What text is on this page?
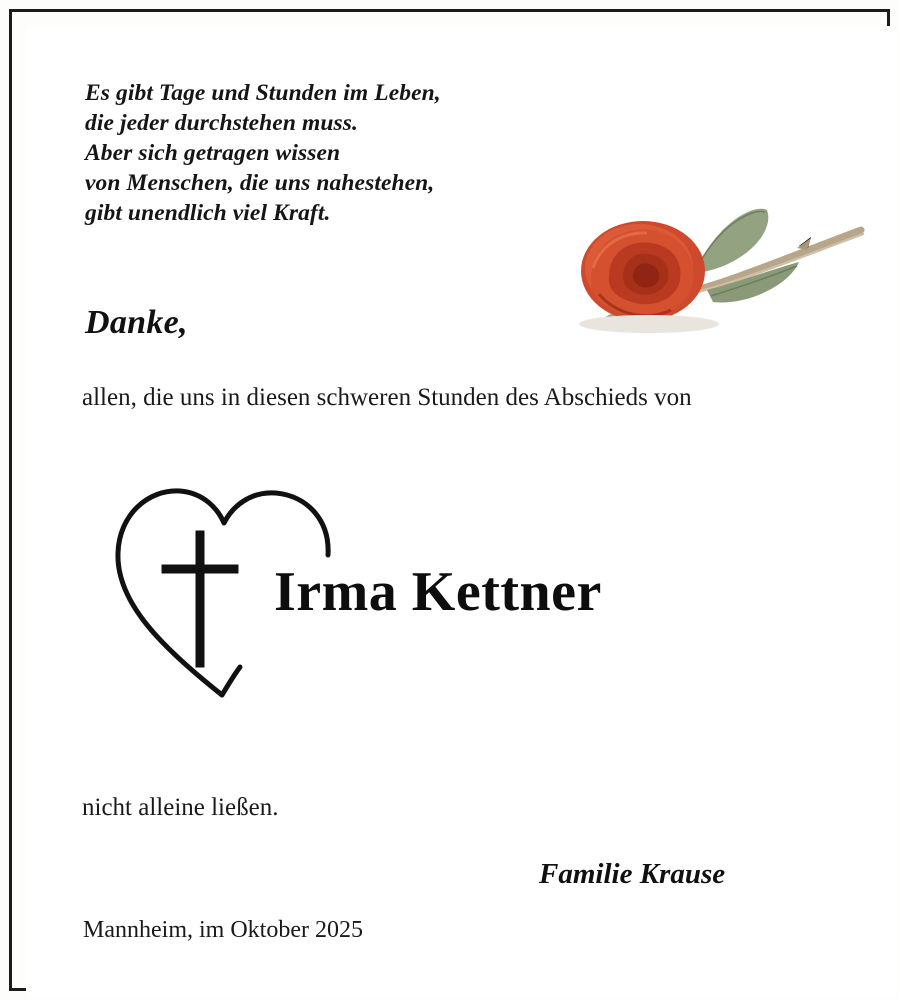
Es gibt Tage und Stunden im Leben,
die jeder durchstehen muss.
Aber sich getragen wissen
von Menschen, die uns nahestehen,
gibt unendlich viel Kraft.
Danke,
allen, die uns in diesen schweren Stunden des Abschieds von
Irma Kettner
nicht alleine ließen.
Familie Krause
Mannheim, im Oktober 2025
